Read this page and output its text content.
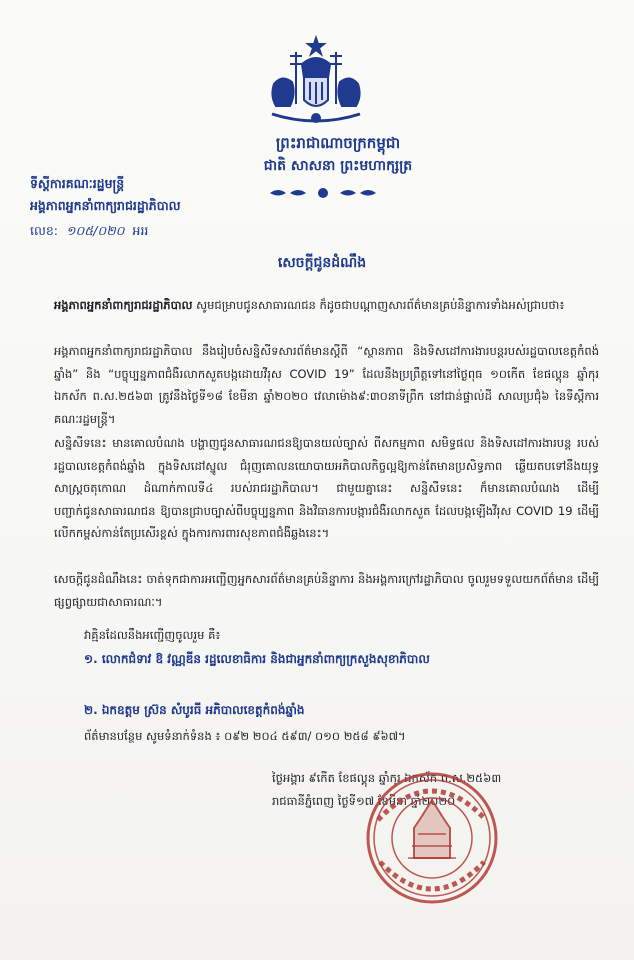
ព្រះរាជាណាចក្រកម្ពុជា
ជាតិ សាសនា ព្រះមហាក្សត្រ
ទីស្តីការគណៈរដ្ឋមន្ត្រី
អង្គភាពអ្នកនាំពាក្យរាជរដ្ឋាភិបាល
លេខ: ១០៥/០២០ អររ
សេចក្តីជូនដំណឹង
អង្គភាពអ្នកនាំពាក្យរាជរដ្ឋាភិបាល សូមជម្រាបជូនសាធារណជន ក៏ដូចជាបណ្តាញសារព័ត៌មានគ្រប់និន្នាការទាំងអស់ជ្រាបថា៖
អង្គភាពអ្នកនាំពាក្យរាជរដ្ឋាភិបាល នឹងរៀបចំសន្និសីទសារព័ត៌មានស្តីពី “ស្ថានភាព និងទិសដៅការងារបន្តរបស់រដ្ឋបាលខេត្តកំពង់ឆ្នាំង” និង “បច្ចុប្បន្នភាពជំងឺរលាកសួតបង្កដោយវីរុស COVID 19” ដែលនឹងប្រព្រឹត្តទៅនៅថ្ងៃពុធ ១០កើត ខែផល្គុន ឆ្នាំកុរ ឯកស័ក ព.ស.២៥៦៣ ត្រូវនឹងថ្ងៃទី១៨ ខែមីនា ឆ្នាំ២០២០ វេលាម៉ោង៩:៣០នាទីព្រឹក នៅជាន់ផ្ទាល់ដី សាលប្រជុំ៦ នៃទីស្តីការគណៈរដ្ឋមន្ត្រី។
សន្និសីទនេះ មានគោលបំណង បង្ហាញជូនសាធារណជនឱ្យបានយល់ច្បាស់ ពីសកម្មភាព សមិទ្ធផល និងទិសដៅការងារបន្ត របស់រដ្ឋបាលខេត្តកំពង់ឆ្នាំង ក្នុងទិសដៅស្នូល ជំរុញគោលនយោបាយអភិបាលកិច្ចល្អឱ្យកាន់តែមានប្រសិទ្ធភាព ឆ្លើយតបទៅនឹងយុទ្ធសាស្ត្រចតុកោណ ដំណាក់កាលទី៤ របស់រាជរដ្ឋាភិបាល។ ជាមួយគ្នានេះ សន្និសីទនេះ ក៏មានគោលបំណង ដើម្បីបញ្ជាក់ជូនសាធារណជន ឱ្យបានជ្រាបច្បាស់ពីបច្ចុប្បន្នភាព និងវិធានការបង្ការជំងឺរលាកសួត ដែលបង្កឡើងវីរុស COVID 19 ដើម្បីលើកកម្ពស់កាន់តែប្រសើរខ្ពស់ ក្នុងការការពារសុខភាពជំងឺឆ្លងនេះ។
សេចក្តីជូនដំណឹងនេះ ចាត់ទុកជាការអញ្ជើញអ្នកសារព័ត៌មានគ្រប់និន្នាការ និងអង្គការក្រៅរដ្ឋាភិបាល ចូលរួមទទួលយកព័ត៌មាន ដើម្បីផ្សព្វផ្សាយជាសាធារណៈ។
វាគ្មិនដែលនឹងអញ្ជើញចូលរួម គឺ៖
១. លោកជំទាវ ឱ វណ្ណឌីន រដ្ឋលេខាធិការ និងជាអ្នកនាំពាក្យក្រសួងសុខាភិបាល
២. ឯកឧត្តម ស្រ៊ន សំបូរធី អភិបាលខេត្តកំពង់ឆ្នាំង
ព័ត៌មានបន្ថែម សូមទំនាក់ទំនង ៖ ០៩២ ២០៤ ៥៩៣/ ០១០ ២៥៨ ៩៦៧។
ថ្ងៃអង្គារ ៩កើត ខែផល្គុន ឆ្នាំកុរ ឯកស័ក ព.ស.២៥៦៣
រាជធានីភ្នំពេញ ថ្ងៃទី១៧ ខែមីនា ឆ្នាំ២០២០
